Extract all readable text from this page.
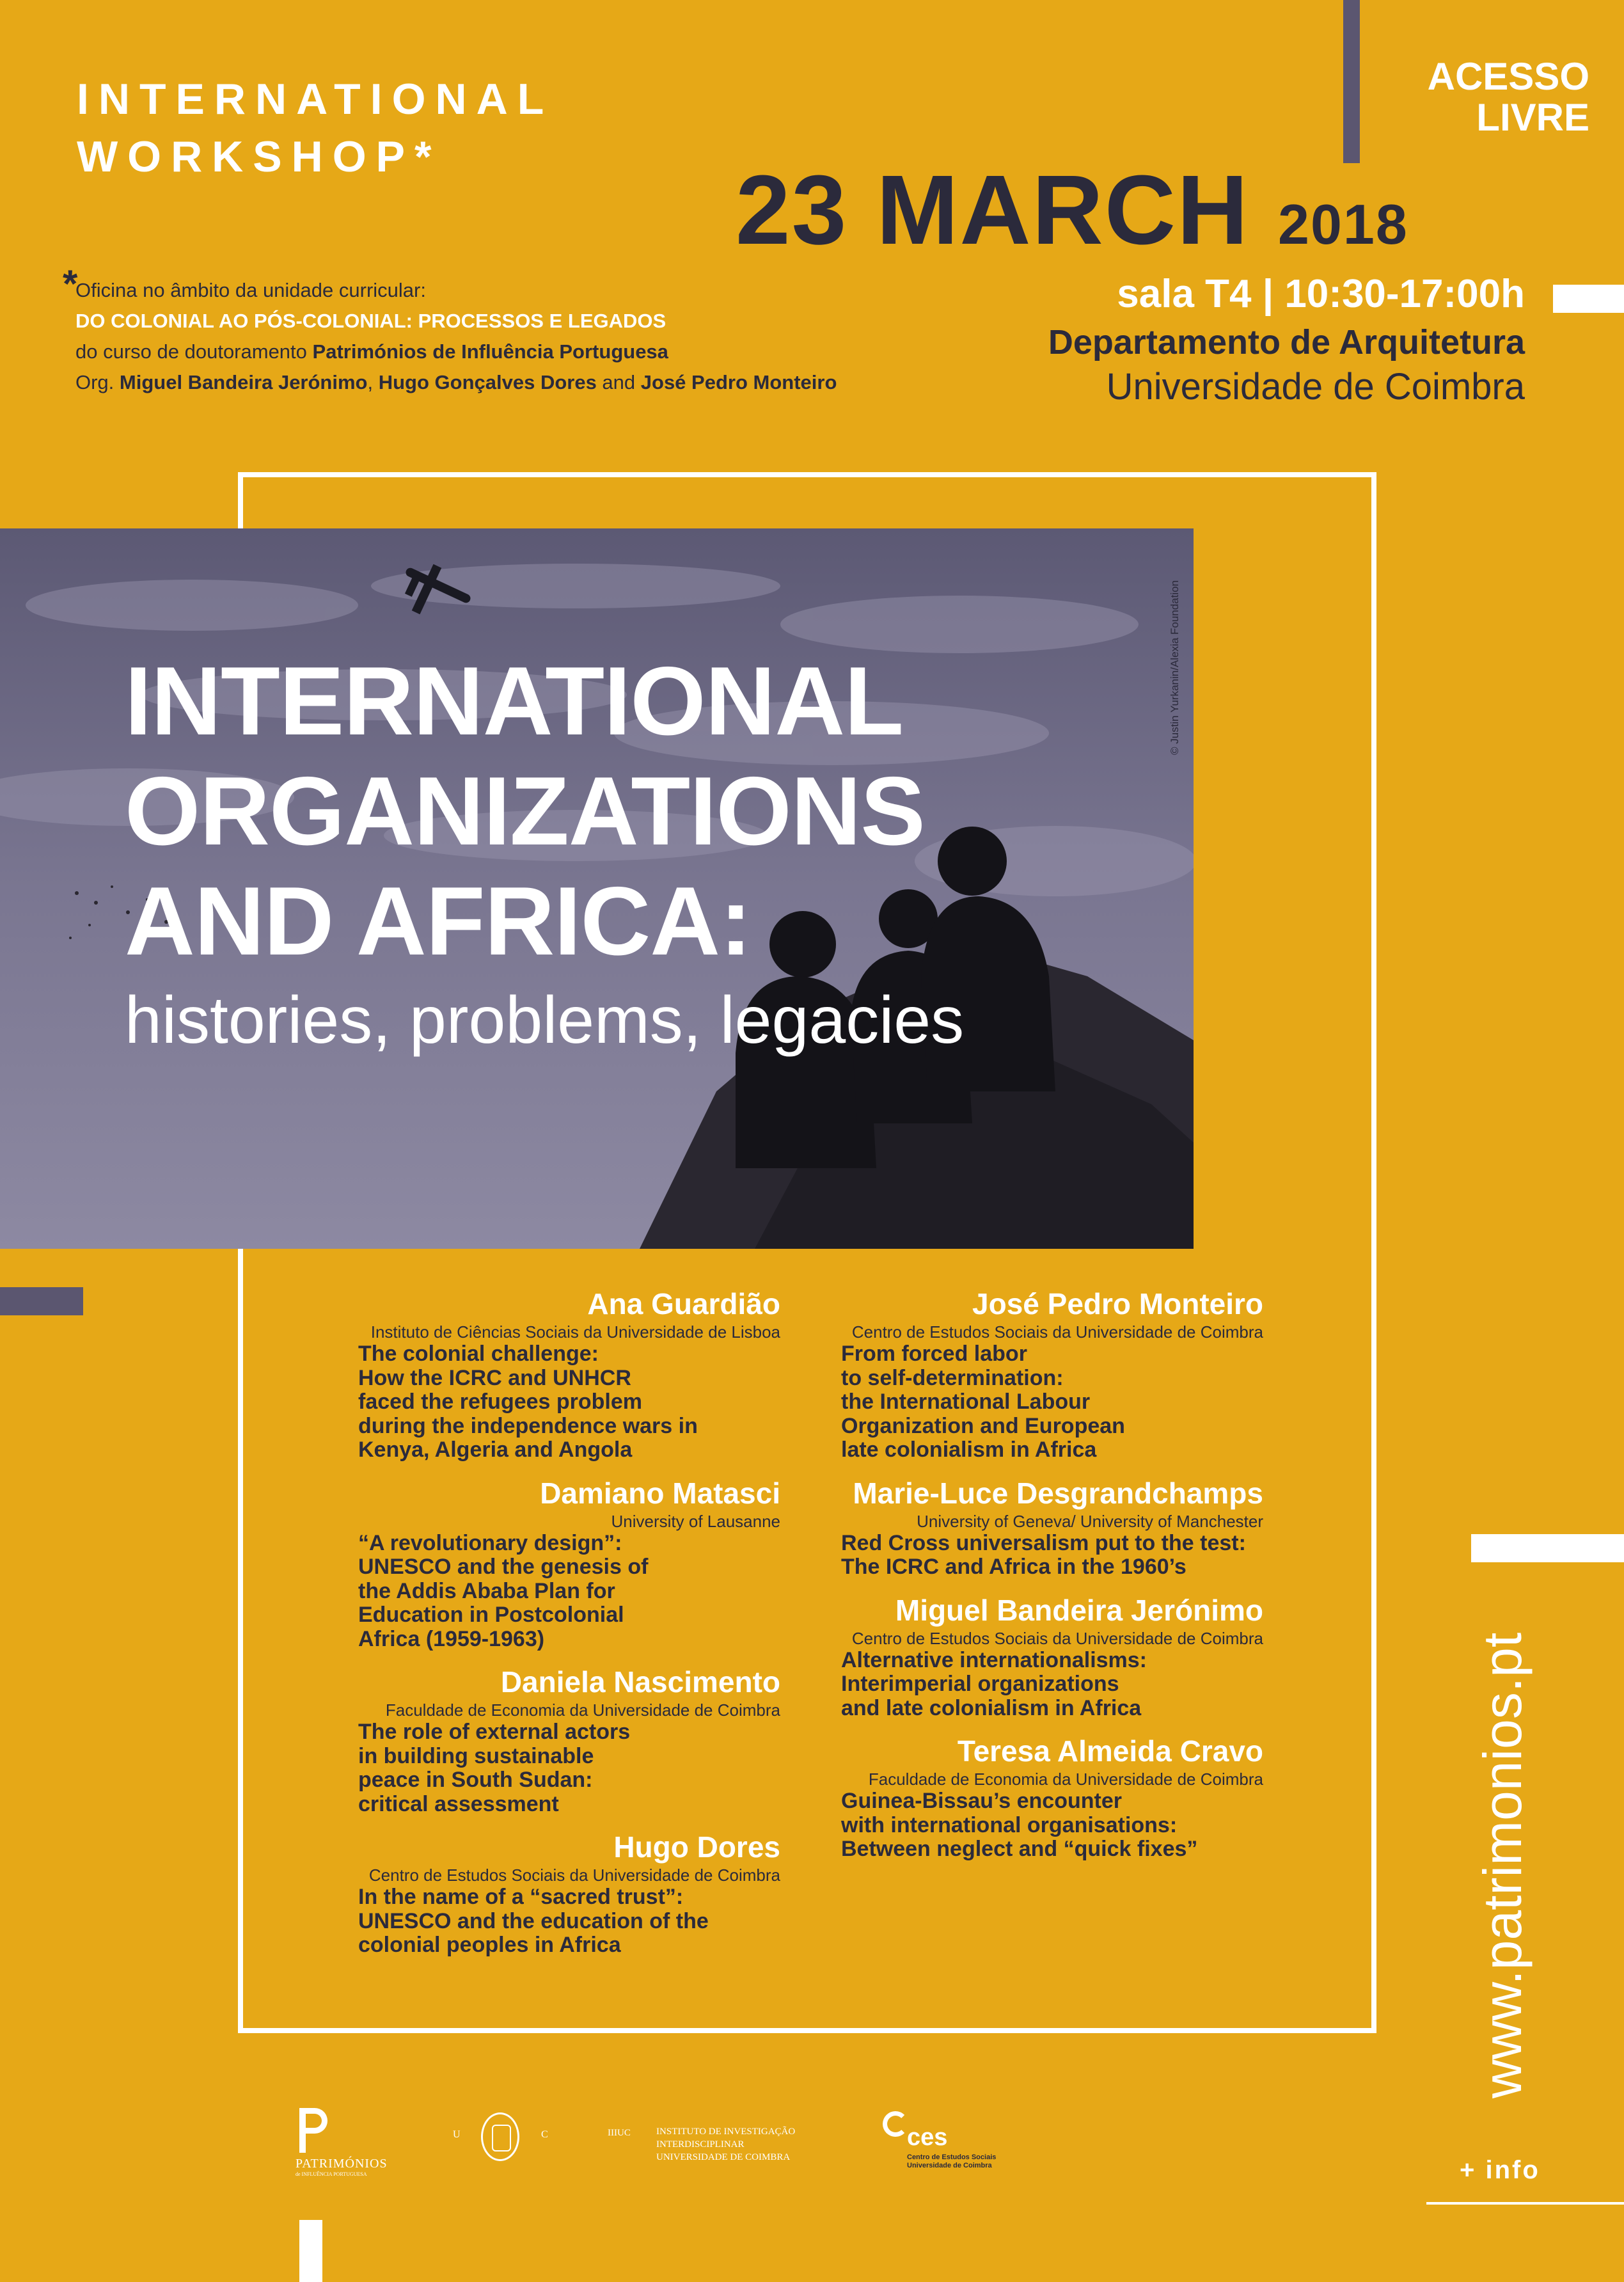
INTERNATIONAL
WORKSHOP*
ACESSO
LIVRE
23 MARCH 2018
sala T4 | 10:30-17:00h
Departamento de Arquitetura
Universidade de Coimbra
*
Oficina no âmbito da unidade curricular:
DO COLONIAL AO PÓS-COLONIAL: PROCESSOS E LEGADOS
do curso de doutoramento Patrimónios de Influência Portuguesa
Org. Miguel Bandeira Jerónimo, Hugo Gonçalves Dores and José Pedro Monteiro
© Justin Yurkanin/Alexia Foundation
INTERNATIONAL
ORGANIZATIONS
AND AFRICA:
histories, problems, legacies
Ana Guardião
Instituto de Ciências Sociais da Universidade de Lisboa
The colonial challenge:
How the ICRC and UNHCR
faced the refugees problem
during the independence wars in
Kenya, Algeria and Angola
Damiano Matasci
University of Lausanne
“A revolutionary design”:
UNESCO and the genesis of
the Addis Ababa Plan for
Education in Postcolonial
Africa (1959-1963)
Daniela Nascimento
Faculdade de Economia da Universidade de Coimbra
The role of external actors
in building sustainable
peace in South Sudan:
critical assessment
Hugo Dores
Centro de Estudos Sociais da Universidade de Coimbra
In the name of a “sacred trust”:
UNESCO and the education of the
colonial peoples in Africa
José Pedro Monteiro
Centro de Estudos Sociais da Universidade de Coimbra
From forced labor
to self-determination:
the International Labour
Organization and European
late colonialism in Africa
Marie-Luce Desgrandchamps
University of Geneva/ University of Manchester
Red Cross universalism put to the test:
The ICRC and Africa in the 1960’s
Miguel Bandeira Jerónimo
Centro de Estudos Sociais da Universidade de Coimbra
Alternative internationalisms:
Interimperial organizations
and late colonialism in Africa
Teresa Almeida Cravo
Faculdade de Economia da Universidade de Coimbra
Guinea-Bissau’s encounter
with international organisations:
Between neglect and “quick fixes”	www.patrimonios.pt
+ info
PATRIMÓNIOS
de INFLUÊNCIA PORTUGUESA
U	C	IIIUC	INSTITUTO DE INVESTIGAÇÃO
INTERDISCIPLINAR
UNIVERSIDADE DE COIMBRA
ces
Centro de Estudos Sociais
Universidade de Coimbra
